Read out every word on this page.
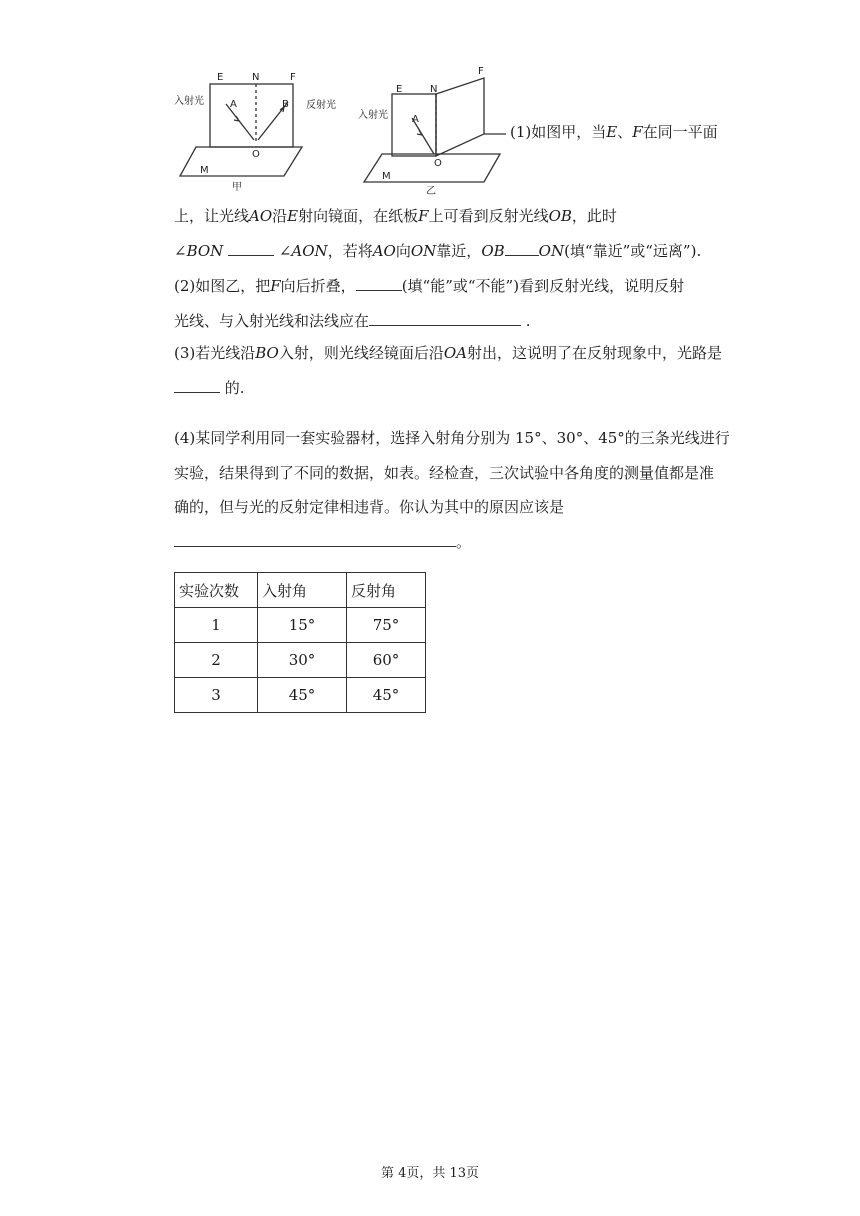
E	N	F
A	B
O
M
入射光	反射光
甲
E	N
F
A
O
M
入射光
乙
(1)如图甲，当E、F在同一平面
上，让光线AO沿E射向镜面，在纸板F上可看到反射光线OB，此时
∠BON	∠AON，若将AO向ON靠近，OB ON(填“靠近”或“远离”).
(2)如图乙，把F向后折叠，	(填“能”或“不能”)看到反射光线，说明反射
光线、与入射光线和法线应在	.
(3)若光线沿BO入射，则光线经镜面后沿OA射出，这说明了在反射现象中，光路是
的.
(4)某同学利用同一套实验器材，选择入射角分别为 15°、30°、45°的三条光线进行
实验，结果得到了不同的数据，如表。经检查，三次试验中各角度的测量值都是准
确的，但与光的反射定律相违背。你认为其中的原因应该是
。
实验次数	入射角	反射角
1	15°	75°
2	30°	60°
3	45°	45°
第 4页，共 13页
